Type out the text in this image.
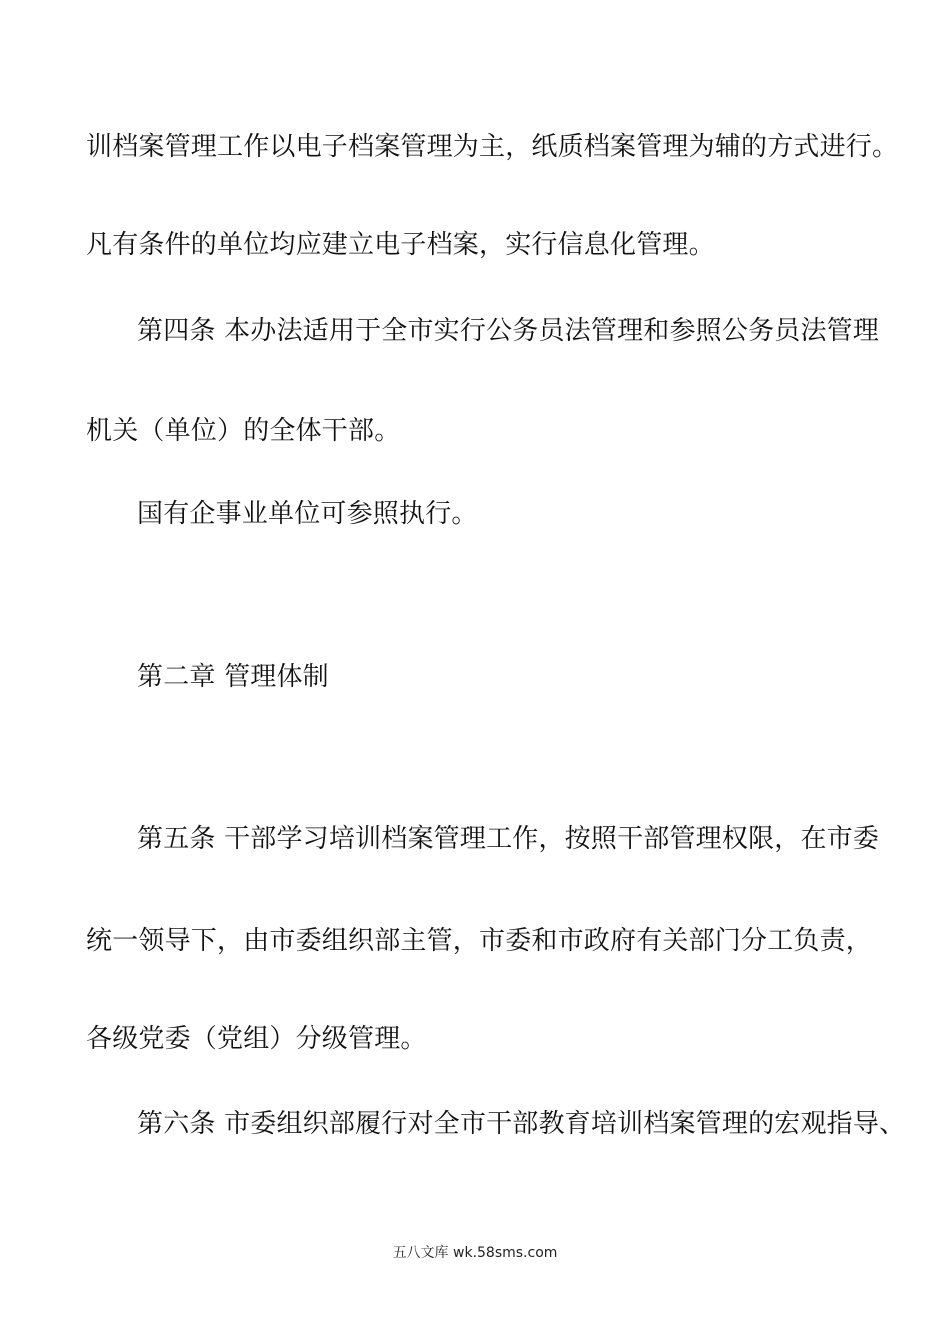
训档案管理工作以电子档案管理为主，纸质档案管理为辅的方式进行。
凡有条件的单位均应建立电子档案，实行信息化管理。
第四条 本办法适用于全市实行公务员法管理和参照公务员法管理
机关（单位）的全体干部。
国有企事业单位可参照执行。
第二章 管理体制
第五条 干部学习培训档案管理工作，按照干部管理权限，在市委
统一领导下，由市委组织部主管，市委和市政府有关部门分工负责，
各级党委（党组）分级管理。
第六条 市委组织部履行对全市干部教育培训档案管理的宏观指导、
五八文库 wk.58sms.com
